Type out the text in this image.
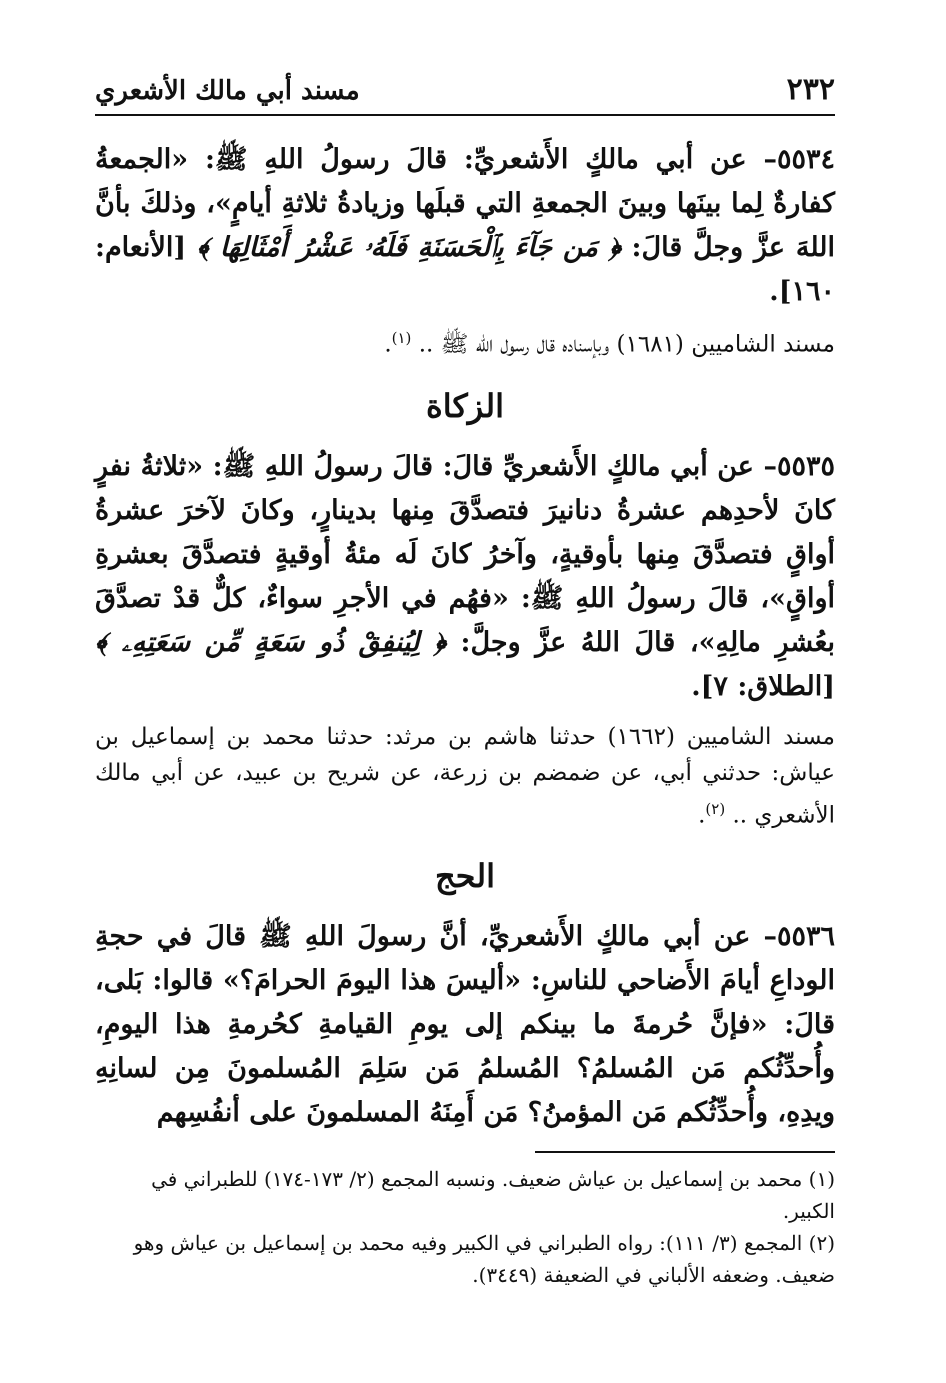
٢٣٢
مسند أبي مالك الأشعري

٥٥٣٤– عن أبي مالكٍ الأَشعريِّ: قالَ رسولُ اللهِ ﷺ: «الجمعةُ كفارةٌ لِما بينَها وبينَ الجمعةِ التي قبلَها وزيادةُ ثلاثةِ أيامٍ»، وذلكَ بأنَّ اللهَ عزَّ وجلَّ قالَ: ﴿ مَن جَآءَ بِٱلْحَسَنَةِ فَلَهُۥ عَشْرُ أَمْثَالِهَا ﴾ [الأنعام: ١٦٠].

مسند الشاميين (١٦٨١) وبإسناده قال رسول الله ﷺ .. $^{(١)}$.

الزكاة

٥٥٣٥– عن أبي مالكٍ الأَشعريِّ قالَ: قالَ رسولُ اللهِ ﷺ: «ثلاثةُ نفرٍ كانَ لأحدِهم عشرةُ دنانيرَ فتصدَّقَ مِنها بدينارٍ، وكانَ لآخرَ عشرةُ أواقٍ فتصدَّقَ مِنها بأوقيةٍ، وآخرُ كانَ لَه مئةُ أوقيةٍ فتصدَّقَ بعشرةِ أواقٍ»، قالَ رسولُ اللهِ ﷺ: «فهُم في الأجرِ سواءٌ، كلٌّ قدْ تصدَّقَ بعُشرِ مالِهِ»، قالَ اللهُ عزَّ وجلَّ: ﴿ لِيُنفِقْ ذُو سَعَةٍ مِّن سَعَتِهِۦ ﴾ [الطلاق: ٧].

مسند الشاميين (١٦٦٢) حدثنا هاشم بن مرثد: حدثنا محمد بن إسماعيل بن عياش: حدثني أبي، عن ضمضم بن زرعة، عن شريح بن عبيد، عن أبي مالك الأشعري .. $^{(٢)}$.

الحج

٥٥٣٦– عن أبي مالكٍ الأَشعريِّ، أنَّ رسولَ اللهِ ﷺ قالَ في حجةِ الوداعِ أيامَ الأَضاحي للناسِ: «أليسَ هذا اليومَ الحرامَ؟» قالوا: بَلى، قالَ: «فإنَّ حُرمةَ ما بينكم إلى يومِ القيامةِ كحُرمةِ هذا اليومِ، وأُحدِّثُكم مَن المُسلمُ؟ المُسلمُ مَن سَلِمَ المُسلمونَ مِن لسانِهِ ويدِهِ، وأُحدِّثُكم مَن المؤمنُ؟ مَن أَمِنَهُ المسلمونَ على أنفُسِهم

(١) محمد بن إسماعيل بن عياش ضعيف. ونسبه المجمع (٢/ ١٧٣-١٧٤) للطبراني في الكبير.

(٢) المجمع (٣/ ١١١): رواه الطبراني في الكبير وفيه محمد بن إسماعيل بن عياش وهو ضعيف. وضعفه الألباني في الضعيفة (٣٤٤٩).
